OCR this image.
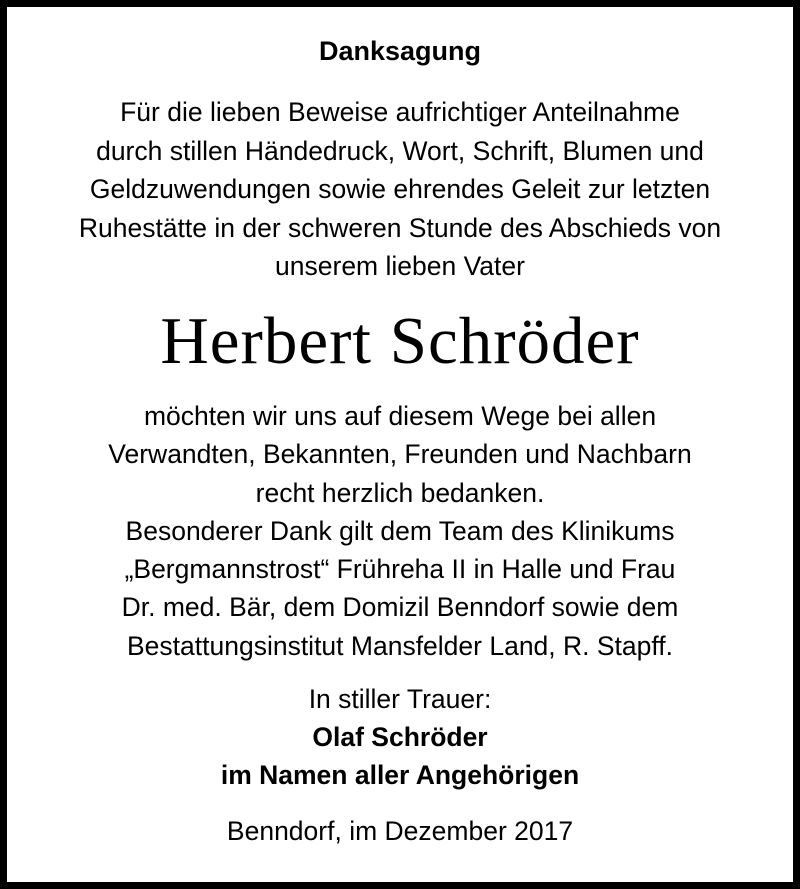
Danksagung
Für die lieben Beweise aufrichtiger Anteilnahme
durch stillen Händedruck, Wort, Schrift, Blumen und
Geldzuwendungen sowie ehrendes Geleit zur letzten
Ruhestätte in der schweren Stunde des Abschieds von
unserem lieben Vater
Herbert Schröder
möchten wir uns auf diesem Wege bei allen
Verwandten, Bekannten, Freunden und Nachbarn
recht herzlich bedanken.
Besonderer Dank gilt dem Team des Klinikums
„Bergmannstrost“ Frühreha II in Halle und Frau
Dr. med. Bär, dem Domizil Benndorf sowie dem
Bestattungsinstitut Mansfelder Land, R. Stapff.
In stiller Trauer:
Olaf Schröder
im Namen aller Angehörigen
Benndorf, im Dezember 2017
